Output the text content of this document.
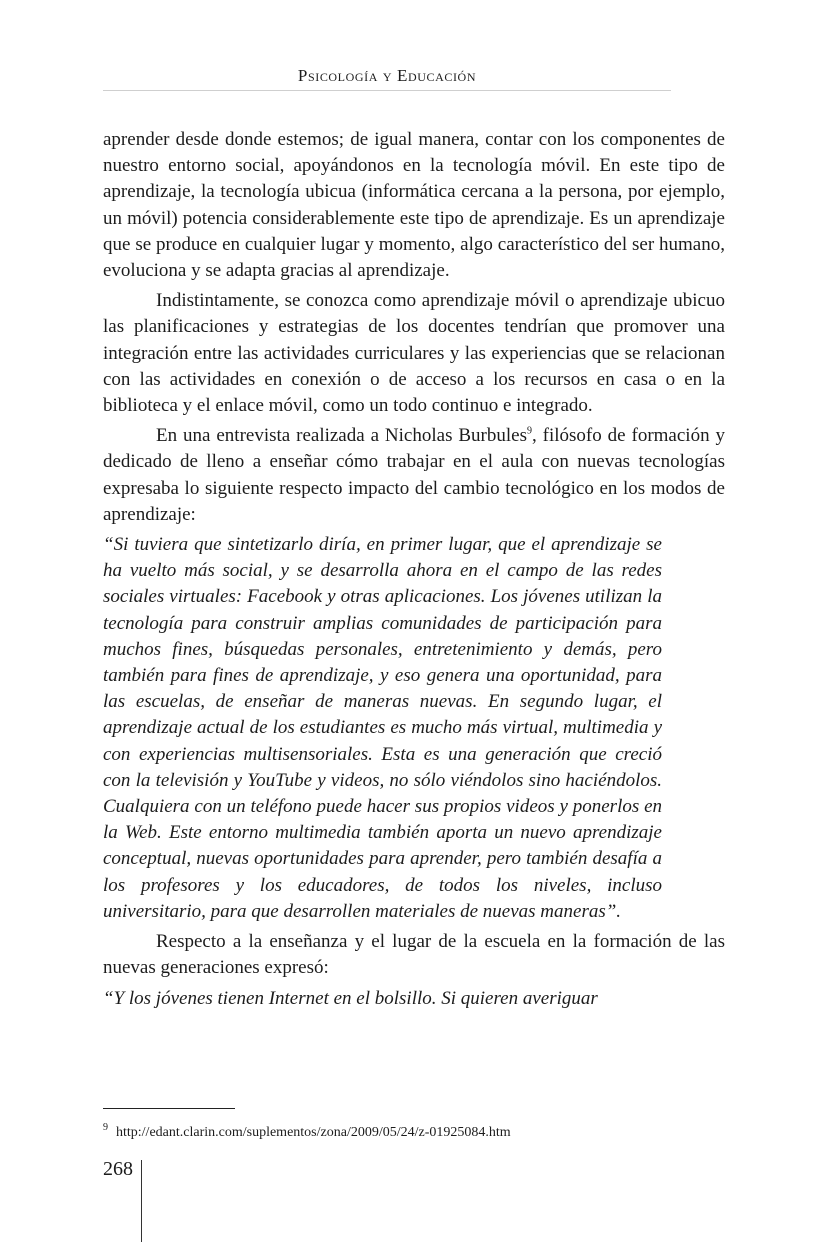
Psicología y Educación

aprender desde donde estemos; de igual manera, contar con los componentes de nuestro entorno social, apoyándonos en la tecnología móvil. En este tipo de aprendizaje, la tecnología ubicua (informática cercana a la persona, por ejemplo, un móvil) potencia considerablemente este tipo de aprendizaje. Es un aprendizaje que se produce en cualquier lugar y momento, algo característico del ser humano, evoluciona y se adapta gracias al aprendizaje.

Indistintamente, se conozca como aprendizaje móvil o aprendizaje ubicuo las planificaciones y estrategias de los docentes tendrían que promover una integración entre las actividades curriculares y las experiencias que se relacionan con las actividades en conexión o de acceso a los recursos en casa o en la biblioteca y el enlace móvil, como un todo continuo e integrado.

En una entrevista realizada a Nicholas Burbules$^9$, filósofo de formación y dedicado de lleno a enseñar cómo trabajar en el aula con nuevas tecnologías expresaba lo siguiente respecto impacto del cambio tecnológico en los modos de aprendizaje:

“Si tuviera que sintetizarlo diría, en primer lugar, que el aprendizaje se ha vuelto más social, y se desarrolla ahora en el campo de las redes sociales virtuales: Facebook y otras aplicaciones. Los jóvenes utilizan la tecnología para construir amplias comunidades de participación para muchos fines, búsquedas personales, entretenimiento y demás, pero también para fines de aprendizaje, y eso genera una oportunidad, para las escuelas, de enseñar de maneras nuevas. En segundo lugar, el aprendizaje actual de los estudiantes es mucho más virtual, multimedia y con experiencias multisensoriales. Esta es una generación que creció con la televisión y YouTube y videos, no sólo viéndolos sino haciéndolos. Cualquiera con un teléfono puede hacer sus propios videos y ponerlos en la Web. Este entorno multimedia también aporta un nuevo aprendizaje conceptual, nuevas oportunidades para aprender, pero también desafía a los profesores y los educadores, de todos los niveles, incluso universitario, para que desarrollen materiales de nuevas maneras”.

Respecto a la enseñanza y el lugar de la escuela en la formación de las nuevas generaciones expresó:

“Y los jóvenes tienen Internet en el bolsillo. Si quieren averiguar

$^9$ http://edant.clarin.com/suplementos/zona/2009/05/24/z-01925084.htm
268
